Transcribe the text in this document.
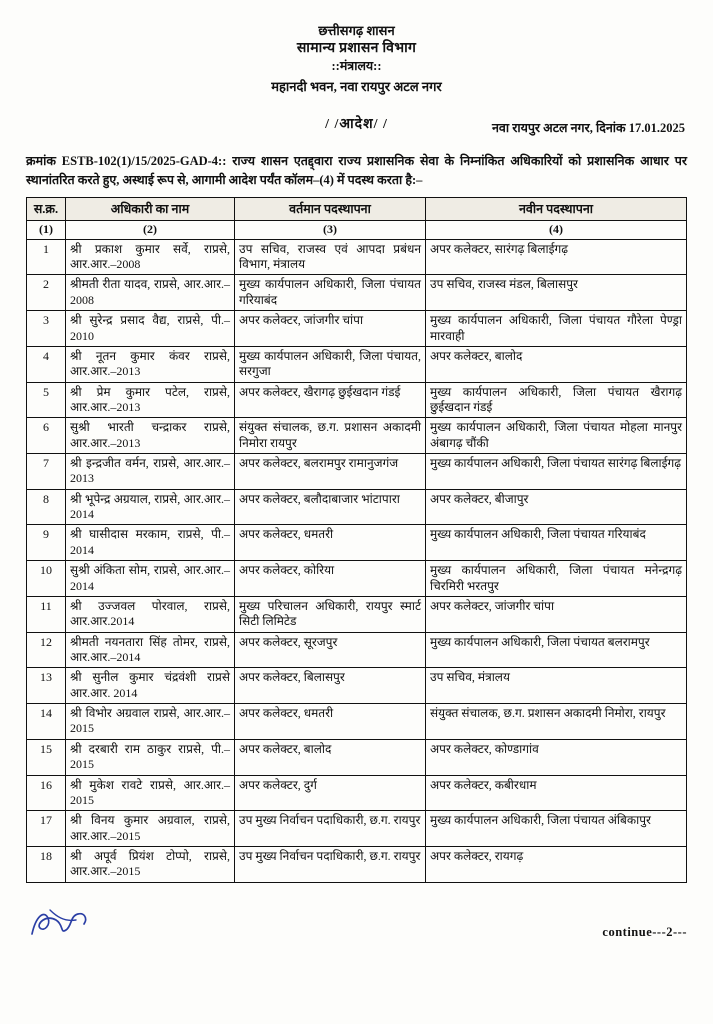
छत्तीसगढ़ शासन
सामान्य प्रशासन विभाग
::मंत्रालय::
महानदी भवन, नवा रायपुर अटल नगर
/ /आदेश/ /	नवा रायपुर अटल नगर, दिनांक 17.01.2025
क्रमांक ESTB-102(1)/15/2025-GAD-4:: राज्य शासन एतद्द्वारा राज्य प्रशासनिक सेवा के निम्नांकित अधिकारियों को प्रशासनिक आधार पर स्थानांतरित करते हुए, अस्थाई रूप से, आगामी आदेश पर्यंत कॉलम–(4) में पदस्थ करता है:–
स.क्र.	अधिकारी का नाम	वर्तमान पदस्थापना	नवीन पदस्थापना
(1)	(2)	(3)	(4)
1	श्री प्रकाश कुमार सर्वे, राप्रसे, आर.आर.–2008	उप सचिव, राजस्व एवं आपदा प्रबंधन विभाग, मंत्रालय	अपर कलेक्टर, सारंगढ़ बिलाईगढ़
2	श्रीमती रीता यादव, राप्रसे, आर.आर.–2008	मुख्य कार्यपालन अधिकारी, जिला पंचायत गरियाबंद	उप सचिव, राजस्व मंडल, बिलासपुर
3	श्री सुरेन्द्र प्रसाद वैद्य, राप्रसे, पी.–2010	अपर कलेक्टर, जांजगीर चांपा	मुख्य कार्यपालन अधिकारी, जिला पंचायत गौरेला पेण्ड्रा मारवाही
4	श्री नूतन कुमार कंवर राप्रसे, आर.आर.–2013	मुख्य कार्यपालन अधिकारी, जिला पंचायत, सरगुजा	अपर कलेक्टर, बालोद
5	श्री प्रेम कुमार पटेल, राप्रसे, आर.आर.–2013	अपर कलेक्टर, खैरागढ़ छुईखदान गंडई	मुख्य कार्यपालन अधिकारी, जिला पंचायत खैरागढ़ छुईखदान गंडई
6	सुश्री भारती चन्द्राकर राप्रसे, आर.आर.–2013	संयुक्त संचालक, छ.ग. प्रशासन अकादमी निमोरा रायपुर	मुख्य कार्यपालन अधिकारी, जिला पंचायत मोहला मानपुर अंबागढ़ चौंकी
7	श्री इन्द्रजीत वर्मन, राप्रसे, आर.आर.–2013	अपर कलेक्टर, बलरामपुर रामानुजगंज	मुख्य कार्यपालन अधिकारी, जिला पंचायत सारंगढ़ बिलाईगढ़
8	श्री भूपेन्द्र अग्रयाल, राप्रसे, आर.आर.–2014	अपर कलेक्टर, बलौदाबाजार भांटापारा	अपर कलेक्टर, बीजापुर
9	श्री घासीदास मरकाम, राप्रसे, पी.–2014	अपर कलेक्टर, धमतरी	मुख्य कार्यपालन अधिकारी, जिला पंचायत गरियाबंद
10	सुश्री अंकिता सोम, राप्रसे, आर.आर.–2014	अपर कलेक्टर, कोरिया	मुख्य कार्यपालन अधिकारी, जिला पंचायत मनेन्द्रगढ़ चिरमिरी भरतपुर
11	श्री उज्जवल पोरवाल, राप्रसे, आर.आर.2014	मुख्य परिचालन अधिकारी, रायपुर स्मार्ट सिटी लिमिटेड	अपर कलेक्टर, जांजगीर चांपा
12	श्रीमती नयनतारा सिंह तोमर, राप्रसे, आर.आर.–2014	अपर कलेक्टर, सूरजपुर	मुख्य कार्यपालन अधिकारी, जिला पंचायत बलरामपुर
13	श्री सुनील कुमार चंद्रवंशी राप्रसे आर.आर. 2014	अपर कलेक्टर, बिलासपुर	उप सचिव, मंत्रालय
14	श्री विभोर अग्रवाल राप्रसे, आर.आर.–2015	अपर कलेक्टर, धमतरी	संयुक्त संचालक, छ.ग. प्रशासन अकादमी निमोरा, रायपुर
15	श्री दरबारी राम ठाकुर राप्रसे, पी.–2015	अपर कलेक्टर, बालोद	अपर कलेक्टर, कोण्डागांव
16	श्री मुकेश रावटे राप्रसे, आर.आर.–2015	अपर कलेक्टर, दुर्ग	अपर कलेक्टर, कबीरधाम
17	श्री विनय कुमार अग्रवाल, राप्रसे, आर.आर.–2015	उप मुख्य निर्वाचन पदाधिकारी, छ.ग. रायपुर	मुख्य कार्यपालन अधिकारी, जिला पंचायत अंबिकापुर
18	श्री अपूर्व प्रियंश टोप्पो, राप्रसे, आर.आर.–2015	उप मुख्य निर्वाचन पदाधिकारी, छ.ग. रायपुर	अपर कलेक्टर, रायगढ़
continue---2---
